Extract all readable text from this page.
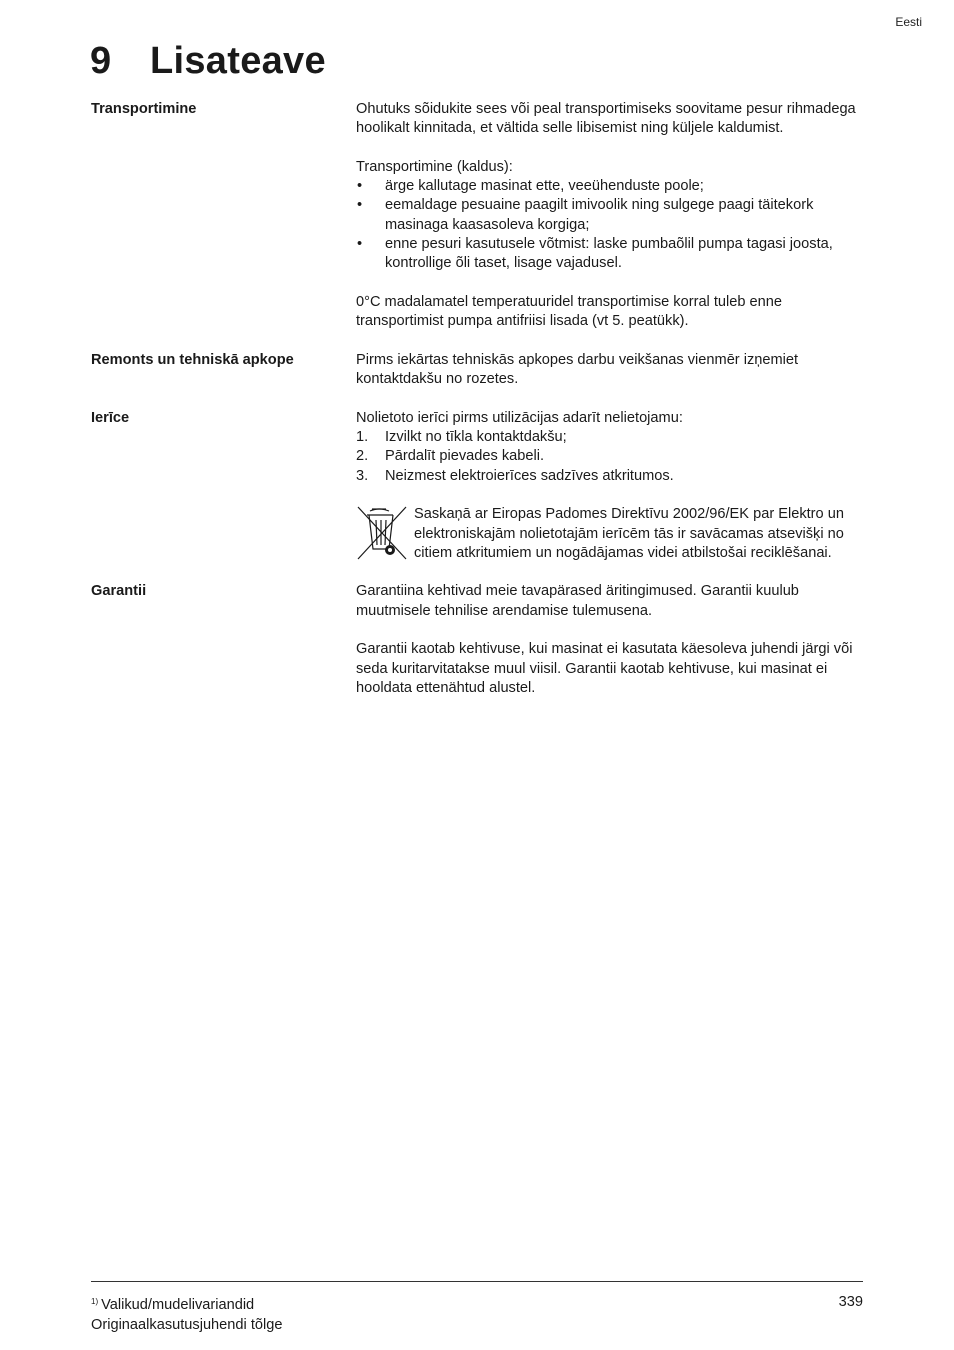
Eesti
9 Lisateave
Transportimine	Ohutuks sõidukite sees või peal transportimiseks soovitame pesur rihmadega hoolikalt kinnitada, et vältida selle libisemist ning küljele kaldumist.

Transportimine (kaldus):

•	ärge kallutage masinat ette, veeühenduste poole;
•	eemaldage pesuaine paagilt imivoolik ning sulgege paagi täitekork masinaga kaasasoleva korgiga;
•	enne pesuri kasutusele võtmist: laske pumbaõlil pumpa tagasi joosta, kontrollige õli taset, lisage vajadusel.

0°C madalamatel temperatuuridel transportimise korral tuleb enne transportimist pumpa antifriisi lisada (vt 5. peatükk).

Remonts un tehniskā apkope	Pirms iekārtas tehniskās apkopes darbu veikšanas vienmēr izņemiet kontaktdakšu no rozetes.

Ierīce	Nolietoto ierīci pirms utilizācijas adarīt nelietojamu:

1.	Izvilkt no tīkla kontaktdakšu;
2.	Pārdalīt pievades kabeli.
3.	Neizmest elektroierīces sadzīves atkritumos.

Saskaņā ar Eiropas Padomes Direktīvu 2002/96/EK par Elektro un elektroniskajām nolietotajām ierīcēm tās ir savācamas atsevišķi no citiem atkritumiem un nogādājamas videi atbilstošai reciklēšanai.

Garantii	Garantiina kehtivad meie tavapärased äritingimused. Garantii kuulub muutmisele tehnilise arendamise tulemusena.

Garantii kaotab kehtivuse, kui masinat ei kasutata käesoleva juhendi järgi või seda kuritarvitatakse muul viisil. Garantii kaotab kehtivuse, kui masinat ei hooldata ettenähtud alustel.

$^{1)}$ Valikud/mudelivariandid
Originaalkasutusjuhendi tõlge
339
